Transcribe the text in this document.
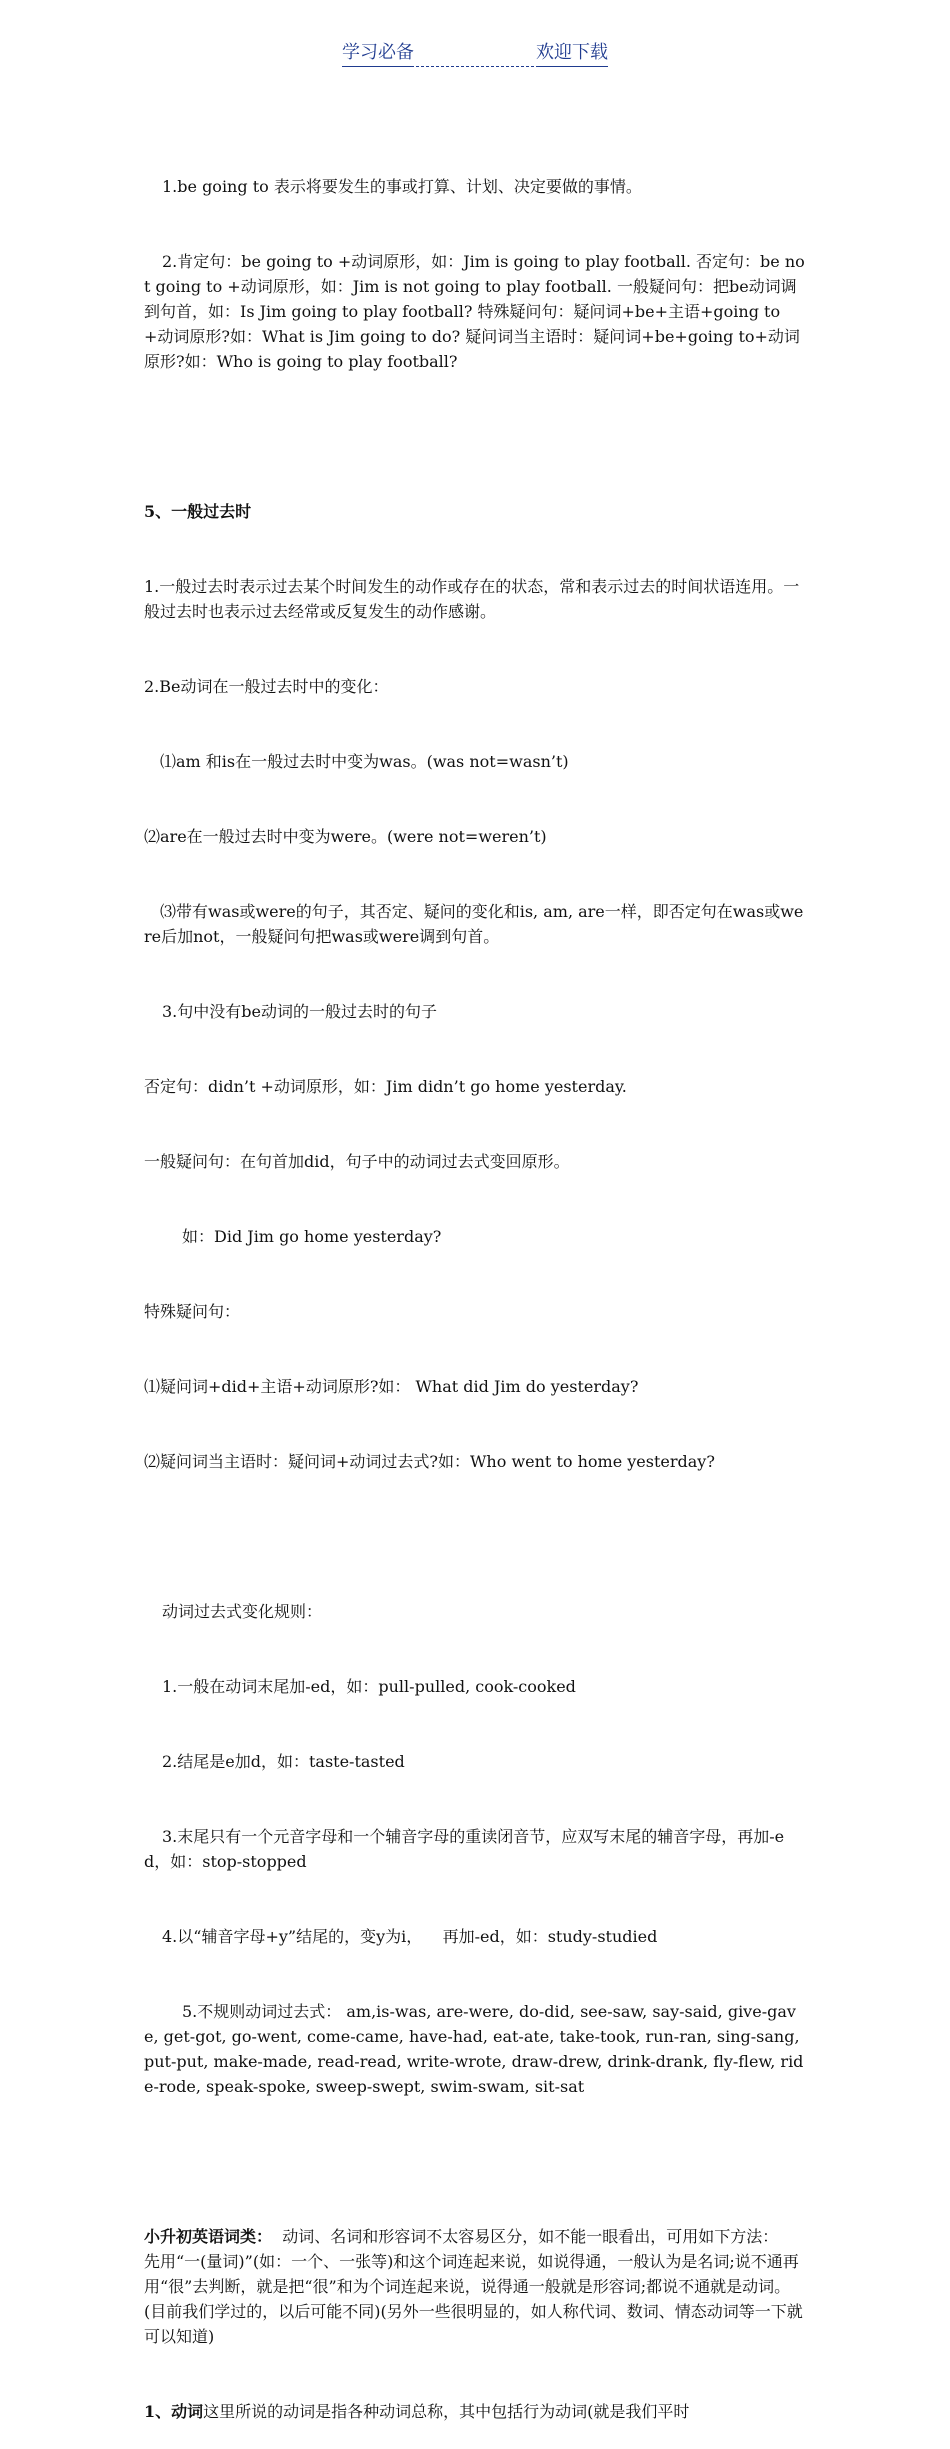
学习必备	欢迎下载

1.be going to 表示将要发生的事或打算、计划、决定要做的事情。

2.肯定句：be going to +动词原形，如：Jim is going to play football. 否定句：be not going to +动词原形，如：Jim is not going to play football. 一般疑问句：把be动词调到句首，如：Is Jim going to play football? 特殊疑问句：疑问词+be+主语+going to+动词原形?如：What is Jim going to do? 疑问词当主语时：疑问词+be+going to+动词原形?如：Who is going to play football?

5、一般过去时

1.一般过去时表示过去某个时间发生的动作或存在的状态，常和表示过去的时间状语连用。一般过去时也表示过去经常或反复发生的动作感谢。

2.Be动词在一般过去时中的变化：

⑴am 和is在一般过去时中变为was。(was not=wasn’t)

⑵are在一般过去时中变为were。(were not=weren’t)

⑶带有was或were的句子，其否定、疑问的变化和is, am, are一样，即否定句在was或were后加not，一般疑问句把was或were调到句首。

3.句中没有be动词的一般过去时的句子

否定句：didn’t +动词原形，如：Jim didn’t go home yesterday.

一般疑问句：在句首加did，句子中的动词过去式变回原形。

如：Did Jim go home yesterday?

特殊疑问句：

⑴疑问词+did+主语+动词原形?如： What did Jim do yesterday?

⑵疑问词当主语时：疑问词+动词过去式?如：Who went to home yesterday?

动词过去式变化规则：

1.一般在动词末尾加-ed，如：pull-pulled, cook-cooked

2.结尾是e加d，如：taste-tasted

3.末尾只有一个元音字母和一个辅音字母的重读闭音节，应双写末尾的辅音字母，再加-ed，如：stop-stopped

4.以“辅音字母+y”结尾的，变y为i，    再加-ed，如：study-studied

5.不规则动词过去式： am,is-was, are-were, do-did, see-saw, say-said, give-gave, get-got, go-went, come-came, have-had, eat-ate, take-took, run-ran, sing-sang, put-put, make-made, read-read, write-wrote, draw-drew, drink-drank, fly-flew, ride-rode, speak-spoke, sweep-swept, swim-swam, sit-sat

小升初英语词类：  动词、名词和形容词不太容易区分，如不能一眼看出，可用如下方法：    先用“一(量词)”(如：一个、一张等)和这个词连起来说，如说得通，一般认为是名词;说不通再用“很”去判断，就是把“很”和为个词连起来说，说得通一般就是形容词;都说不通就是动词。(目前我们学过的，以后可能不同)(另外一些很明显的，如人称代词、数词、情态动词等一下就可以知道)

1、动词这里所说的动词是指各种动词总称，其中包括行为动词(就是我们平时
